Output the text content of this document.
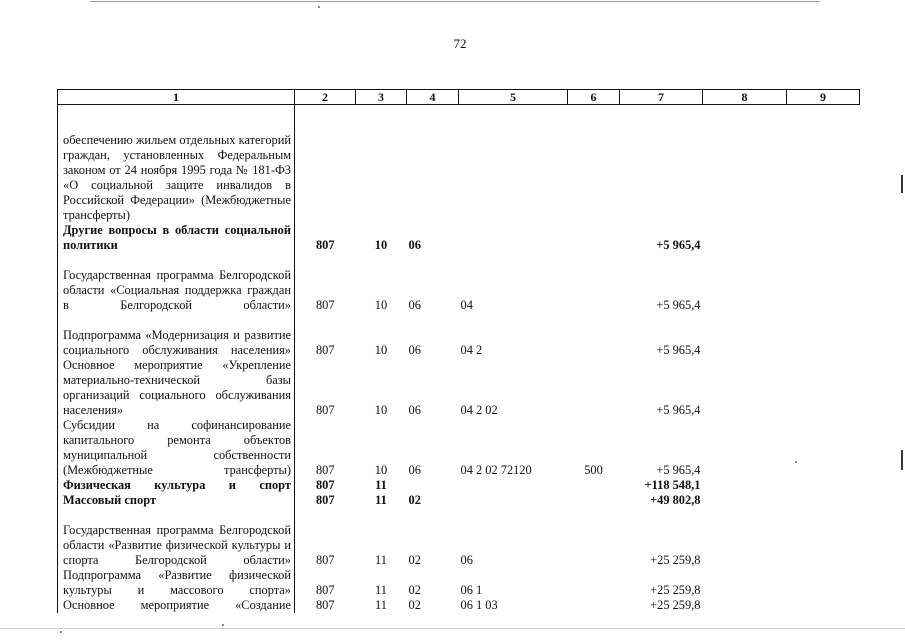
72
1	2	3	4	5	6	7	8	9
обеспечению жильем отдельных категорий граждан, установленных Федеральным законом от 24 ноября 1995 года № 181-ФЗ «О социальной защите инвалидов в Российской Федерации» (Межбюджетные трансферты)								
Другие вопросы в области социальной политики	807	10	06			+5 965,4		
Государственная программа Белгородской области «Социальная поддержка граждан в Белгородской области»	807	10	06	04		+5 965,4		
Подпрограмма «Модернизация и развитие социального обслуживания населения»	807	10	06	04 2		+5 965,4		
Основное мероприятие «Укрепление материально-технической базы организаций социального обслуживания населения»	807	10	06	04 2 02		+5 965,4		
Субсидии на софинансирование капитального ремонта объектов муниципальной собственности (Межбюджетные трансферты)	807	10	06	04 2 02 72120	500	+5 965,4		
Физическая культура и спорт	807	11				+118 548,1		
Массовый спорт	807	11	02			+49 802,8		
Государственная программа Белгородской области «Развитие физической культуры и спорта Белгородской области»	807	11	02	06		+25 259,8		
Подпрограмма «Развитие физической культуры и массового спорта»	807	11	02	06 1		+25 259,8		
Основное мероприятие «Создание	807	11	02	06 1 03		+25 259,8		
